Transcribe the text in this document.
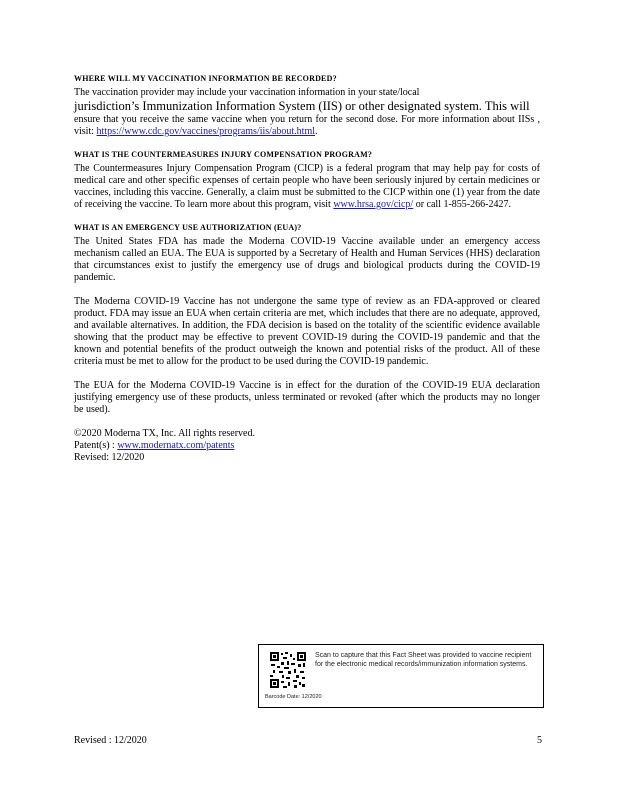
WHERE WILL MY VACCINATION INFORMATION BE RECORDED?

The vaccination provider may include your vaccination information in your state/local
jurisdiction’s Immunization Information System (IIS) or other designated system. This will
ensure that you receive the same vaccine when you return for the second dose. For more information about IISs , visit: https://www.cdc.gov/vaccines/programs/iis/about.html.

WHAT IS THE COUNTERMEASURES INJURY COMPENSATION PROGRAM?

The Countermeasures Injury Compensation Program (CICP) is a federal program that may help pay for costs of medical care and other specific expenses of certain people who have been seriously injured by certain medicines or vaccines, including this vaccine. Generally, a claim must be submitted to the CICP within one (1) year from the date of receiving the vaccine. To learn more about this program, visit www.hrsa.gov/cicp/ or call 1-855-266-2427.

WHAT IS AN EMERGENCY USE AUTHORIZATION (EUA)?

The United States FDA has made the Moderna COVID-19 Vaccine available under an emergency access mechanism called an EUA. The EUA is supported by a Secretary of Health and Human Services (HHS) declaration that circumstances exist to justify the emergency use of drugs and biological products during the COVID-19 pandemic.

The Moderna COVID-19 Vaccine has not undergone the same type of review as an FDA-approved or cleared product. FDA may issue an EUA when certain criteria are met, which includes that there are no adequate, approved, and available alternatives. In addition, the FDA decision is based on the totality of the scientific evidence available showing that the product may be effective to prevent COVID-19 during the COVID-19 pandemic and that the known and potential benefits of the product outweigh the known and potential risks of the product. All of these criteria must be met to allow for the product to be used during the COVID-19 pandemic.

The EUA for the Moderna COVID-19 Vaccine is in effect for the duration of the COVID-19 EUA declaration justifying emergency use of these products, unless terminated or revoked (after which the products may no longer be used).

©2020 Moderna TX, Inc. All rights reserved.

Patent(s) : www.modernatx.com/patents

Revised: 12/2020

Scan to capture that this Fact Sheet was provided to vaccine recipient for the electronic medical records/immunization information systems.
Barcode Date: 12/2020
Revised : 12/2020	5
